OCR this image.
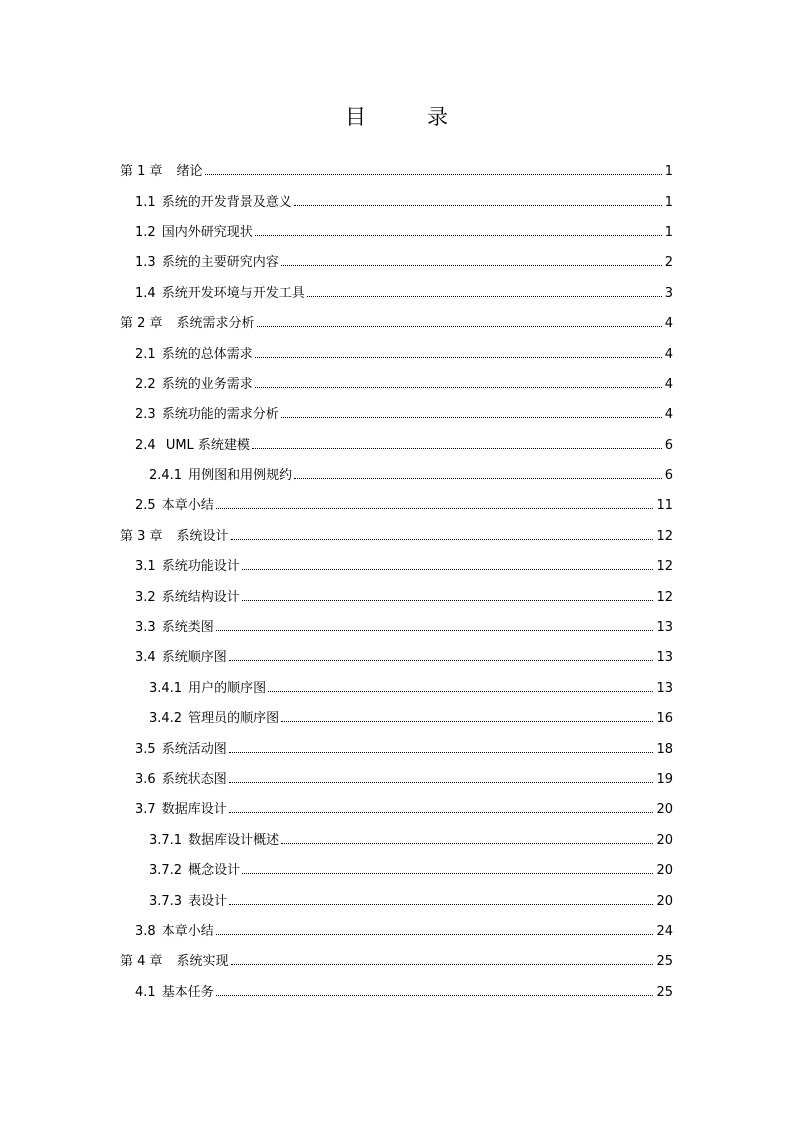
目　录
第 1 章 绪论	1
1.1 系统的开发背景及意义	1
1.2 国内外研究现状	1
1.3 系统的主要研究内容	2
1.4 系统开发环境与开发工具	3
第 2 章 系统需求分析	4
2.1 系统的总体需求	4
2.2 系统的业务需求	4
2.3 系统功能的需求分析	4
2.4 UML 系统建模	6
2.4.1 用例图和用例规约	6
2.5 本章小结	11
第 3 章 系统设计	12
3.1 系统功能设计	12
3.2 系统结构设计	12
3.3 系统类图	13
3.4 系统顺序图	13
3.4.1 用户的顺序图	13
3.4.2 管理员的顺序图	16
3.5 系统活动图	18
3.6 系统状态图	19
3.7 数据库设计	20
3.7.1 数据库设计概述	20
3.7.2 概念设计	20
3.7.3 表设计	20
3.8 本章小结	24
第 4 章 系统实现	25
4.1 基本任务	25
